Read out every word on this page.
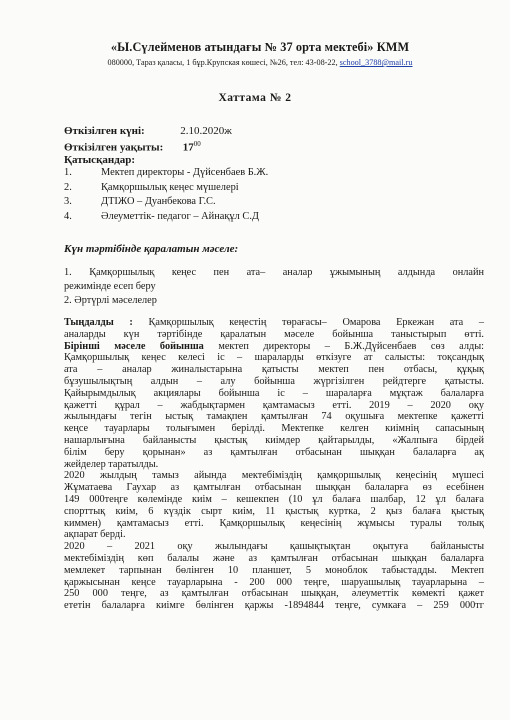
«Ы.Сүлейменов атындағы № 37 орта мектебі» КММ
080000, Тараз қаласы, 1 бұр.Крупская көшесі, №26, тел: 43-08-22, school_3788@mail.ru
Хаттама № 2
Өткізілген күні:	2.10.2020ж
Өткізілген уақыты: $17^{00}$
Қатысқандар:
1.	Мектеп директоры - Дүйсенбаев Б.Ж.
2.	Қамқоршылық кеңес мүшелері
3.	ДТІЖО – Дуанбекова Г.С.
4.	Әлеуметтік- педагог – Айнақұл С.Д
Күн тәртібінде қаралатын мәселе:
1. Қамқоршылық кеңес пен ата– аналар ұжымының алдында онлайн
режимінде есеп беру
2. Әртүрлі мәселелер
Тыңдалды : Қамқоршылық кеңестің төрағасы– Омарова Еркежан ата –
аналарды күн тәртібінде қаралатын мәселе бойынша таныстырып өтті.
Бірінші мәселе бойынша мектеп директоры – Б.Ж.Дүйсенбаев сөз алды:
Қамқоршылық кеңес келесі іс – шараларды өткізуге ат салысты: тоқсандық
ата – аналар жиналыстарына қатысты мектеп пен отбасы, құқық
бұзушылықтың алдын – алу бойынша жүргізілген рейдтерге қатысты.
Қайырымдылық акциялары бойынша іс – шараларға мұқтаж балаларға
қажетті құрал – жабдықтармен қамтамасыз етті. 2019 – 2020 оқу
жылындағы тегін ыстық тамақпен қамтылған 74 оқушыға мектепке қажетті
кеңсе тауарлары толығымен берілді. Мектепке келген киімнің сапасының
нашарлығына байланысты қыстық киімдер қайтарылды, «Жалпыға бірдей
білім беру қорынан» аз қамтылған отбасынан шыққан балаларға ақ
жейделер таратылды.
2020 жылдың тамыз айында мектебіміздің қамқоршылық кеңесінің мүшесі
Жұматаева Гаухар аз қамтылған отбасынан шыққан балаларға өз есебінен
149 000теңге көлемінде киім – кешекпен (10 ұл балаға шалбар, 12 ұл балаға
спорттық киім, 6 күздік сырт киім, 11 қыстық куртка, 2 қыз балаға қыстық
киммен) қамтамасыз етті. Қамқоршылық кеңесінің жұмысы туралы толық
ақпарат берді.
2020 – 2021 оқу жылындағы қашықтықтан оқытуға байланысты
мектебіміздің көп балалы және аз қамтылған отбасынан шыққан балаларға
мемлекет тарпынан бөлінген 10 планшет, 5 моноблок табыстадды. Мектеп
қаржысынан кеңсе тауарларына - 200 000 теңге, шаруашылық тауарларына –
250 000 теңге, аз қамтылған отбасынан шыққан, әлеуметтік көмекті қажет
ететін балаларға киімге бөлінген қаржы -1894844 теңге, сумкаға – 259 000тг
